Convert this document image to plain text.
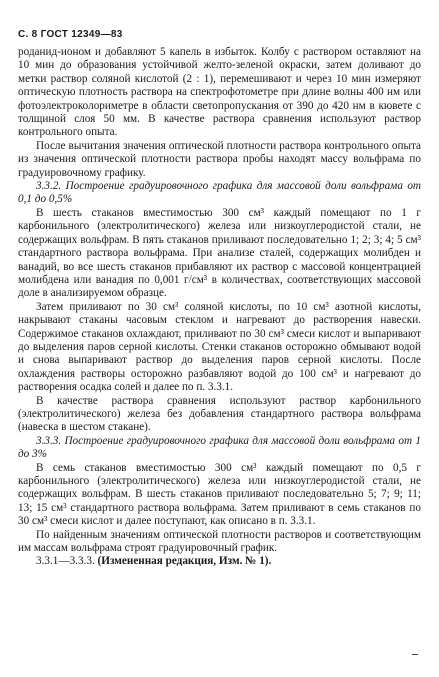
С. 8 ГОСТ 12349—83

роданид-ионом и добавляют 5 капель в избыток. Колбу с раствором оставляют на 10 мин до образования устойчивой желто-зеленой окраски, затем доливают до метки раствор соляной кислотой (2 : 1), перемешивают и через 10 мин измеряют оптическую плотность раствора на спектрофотометре при длине волны 400 нм или фотоэлектроколориметре в области светопропускания от 390 до 420 нм в кювете с толщиной слоя 50 мм. В качестве раствора сравнения используют раствор контрольного опыта.

После вычитания значения оптической плотности раствора контрольного опыта из значения оптической плотности раствора пробы находят массу вольфрама по градуировочному графику.

3.3.2. Построение градуировочного графика для массовой доли вольфрама от 0,1 до 0,5%

В шесть стаканов вместимостью 300 см³ каждый помещают по 1 г карбонильного (электролитического) железа или низкоуглеродистой стали, не содержащих вольфрам. В пять стаканов приливают последовательно 1; 2; 3; 4; 5 см³ стандартного раствора вольфрама. При анализе сталей, содержащих молибден и ванадий, во все шесть стаканов прибавляют их раствор с массовой концентрацией молибдена или ванадия по 0,001 г/см³ в количествах, соответствующих массовой доле в анализируемом образце.

Затем приливают по 30 см³ соляной кислоты, по 10 см³ азотной кислоты, накрывают стаканы часовым стеклом и нагревают до растворения навески. Содержимое стаканов охлаждают, приливают по 30 см³ смеси кислот и выпаривают до выделения паров серной кислоты. Стенки стаканов осторожно обмывают водой и снова выпаривают раствор до выделения паров серной кислоты. После охлаждения растворы осторожно разбавляют водой до 100 см³ и нагревают до растворения осадка солей и далее по п. 3.3.1.

В качестве раствора сравнения используют раствор карбонильного (электролитического) железа без добавления стандартного раствора вольфрама (навеска в шестом стакане).

3.3.3. Построение градуировочного графика для массовой доли вольфрама от 1 до 3%

В семь стаканов вместимостью 300 см³ каждый помещают по 0,5 г карбонильного (электролитического) железа или низкоуглеродистой стали, не содержащих вольфрам. В шесть стаканов приливают последовательно 5; 7; 9; 11; 13; 15 см³ стандартного раствора вольфрама. Затем приливают в семь стаканов по 30 см³ смеси кислот и далее поступают, как описано в п. 3.3.1.

По найденным значениям оптической плотности растворов и соответствующим им массам вольфрама строят градуировочный график.

3.3.1—3.3.3. (Измененная редакция, Изм. № 1).
